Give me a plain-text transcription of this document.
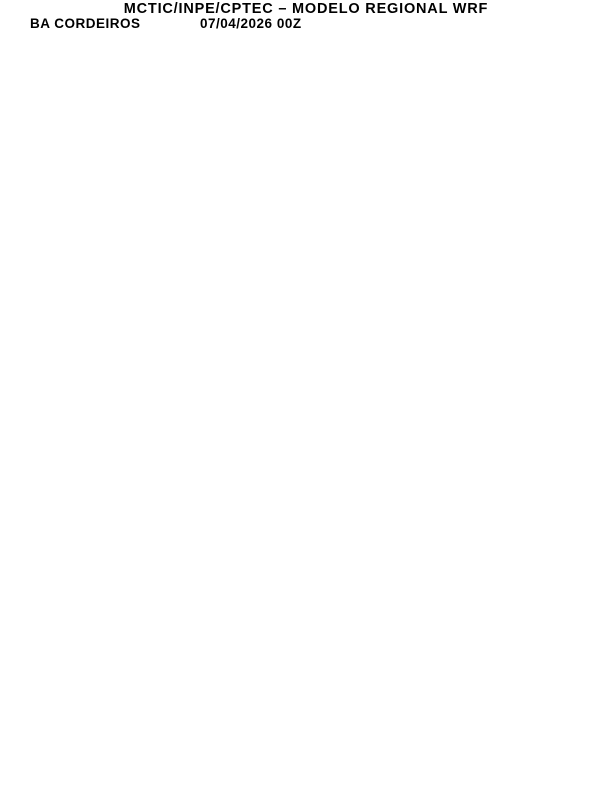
MCTIC/INPE/CPTEC – MODELO REGIONAL WRF
BA CORDEIROS	07/04/2026 00Z
